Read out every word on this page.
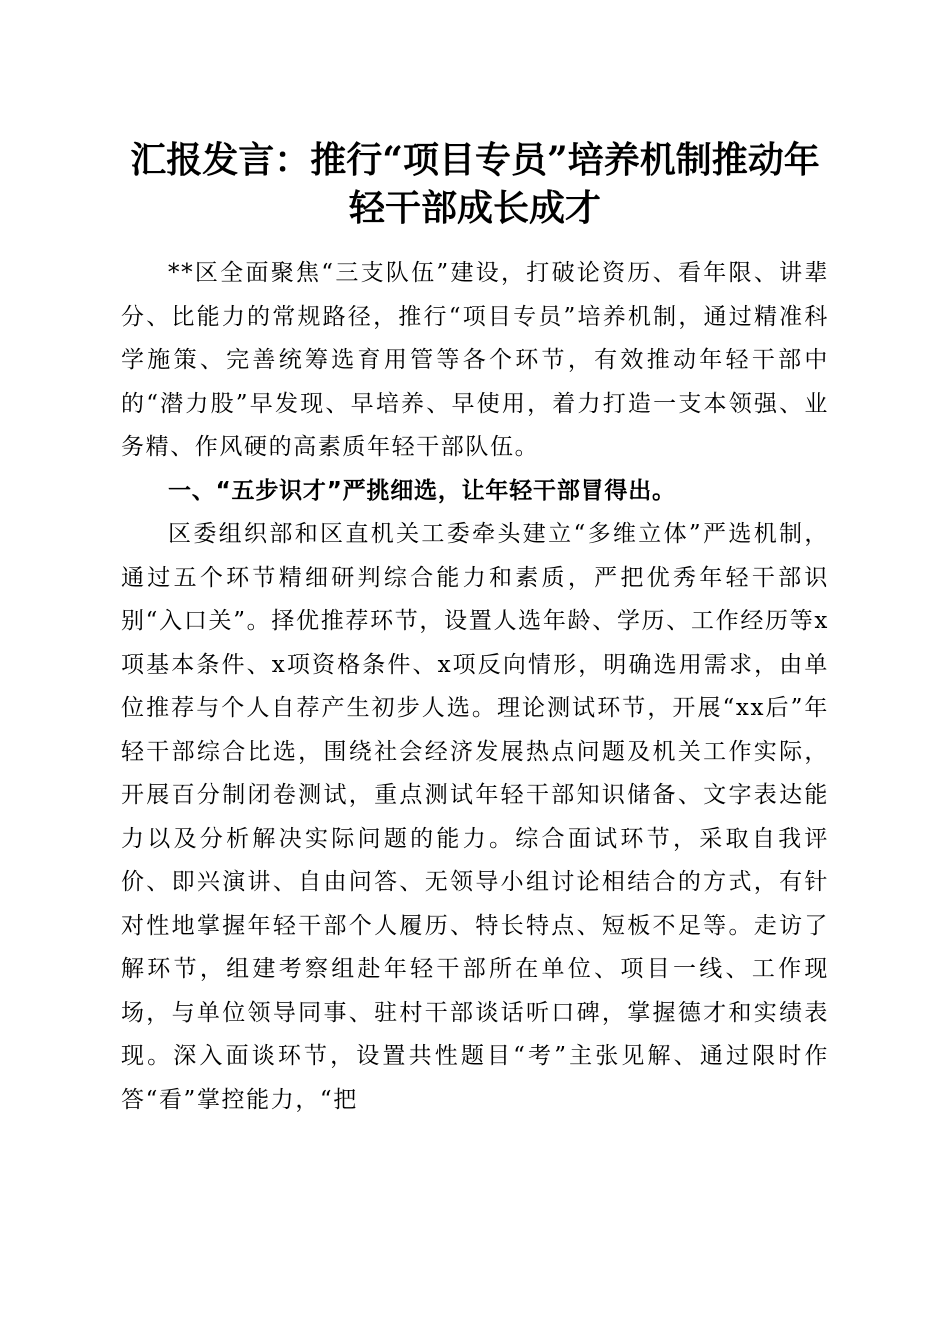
汇报发言：推行“项目专员”培养机制推动年
轻干部成长成才

**区全面聚焦“三支队伍”建设，打破论资历、看年限、讲辈分、比能力的常规路径，推行“项目专员”培养机制，通过精准科学施策、完善统筹选育用管等各个环节，有效推动年轻干部中的“潜力股”早发现、早培养、早使用，着力打造一支本领强、业务精、作风硬的高素质年轻干部队伍。

一、“五步识才”严挑细选，让年轻干部冒得出。

区委组织部和区直机关工委牵头建立“多维立体”严选机制，通过五个环节精细研判综合能力和素质，严把优秀年轻干部识别“入口关”。择优推荐环节，设置人选年龄、学历、工作经历等x项基本条件、x项资格条件、x项反向情形，明确选用需求，由单位推荐与个人自荐产生初步人选。理论测试环节，开展“xx后”年轻干部综合比选，围绕社会经济发展热点问题及机关工作实际，开展百分制闭卷测试，重点测试年轻干部知识储备、文字表达能力以及分析解决实际问题的能力。综合面试环节，采取自我评价、即兴演讲、自由问答、无领导小组讨论相结合的方式，有针对性地掌握年轻干部个人履历、特长特点、短板不足等。走访了解环节，组建考察组赴年轻干部所在单位、项目一线、工作现场，与单位领导同事、驻村干部谈话听口碑，掌握德才和实绩表现。深入面谈环节，设置共性题目“考”主张见解、通过限时作答“看”掌控能力，“把
